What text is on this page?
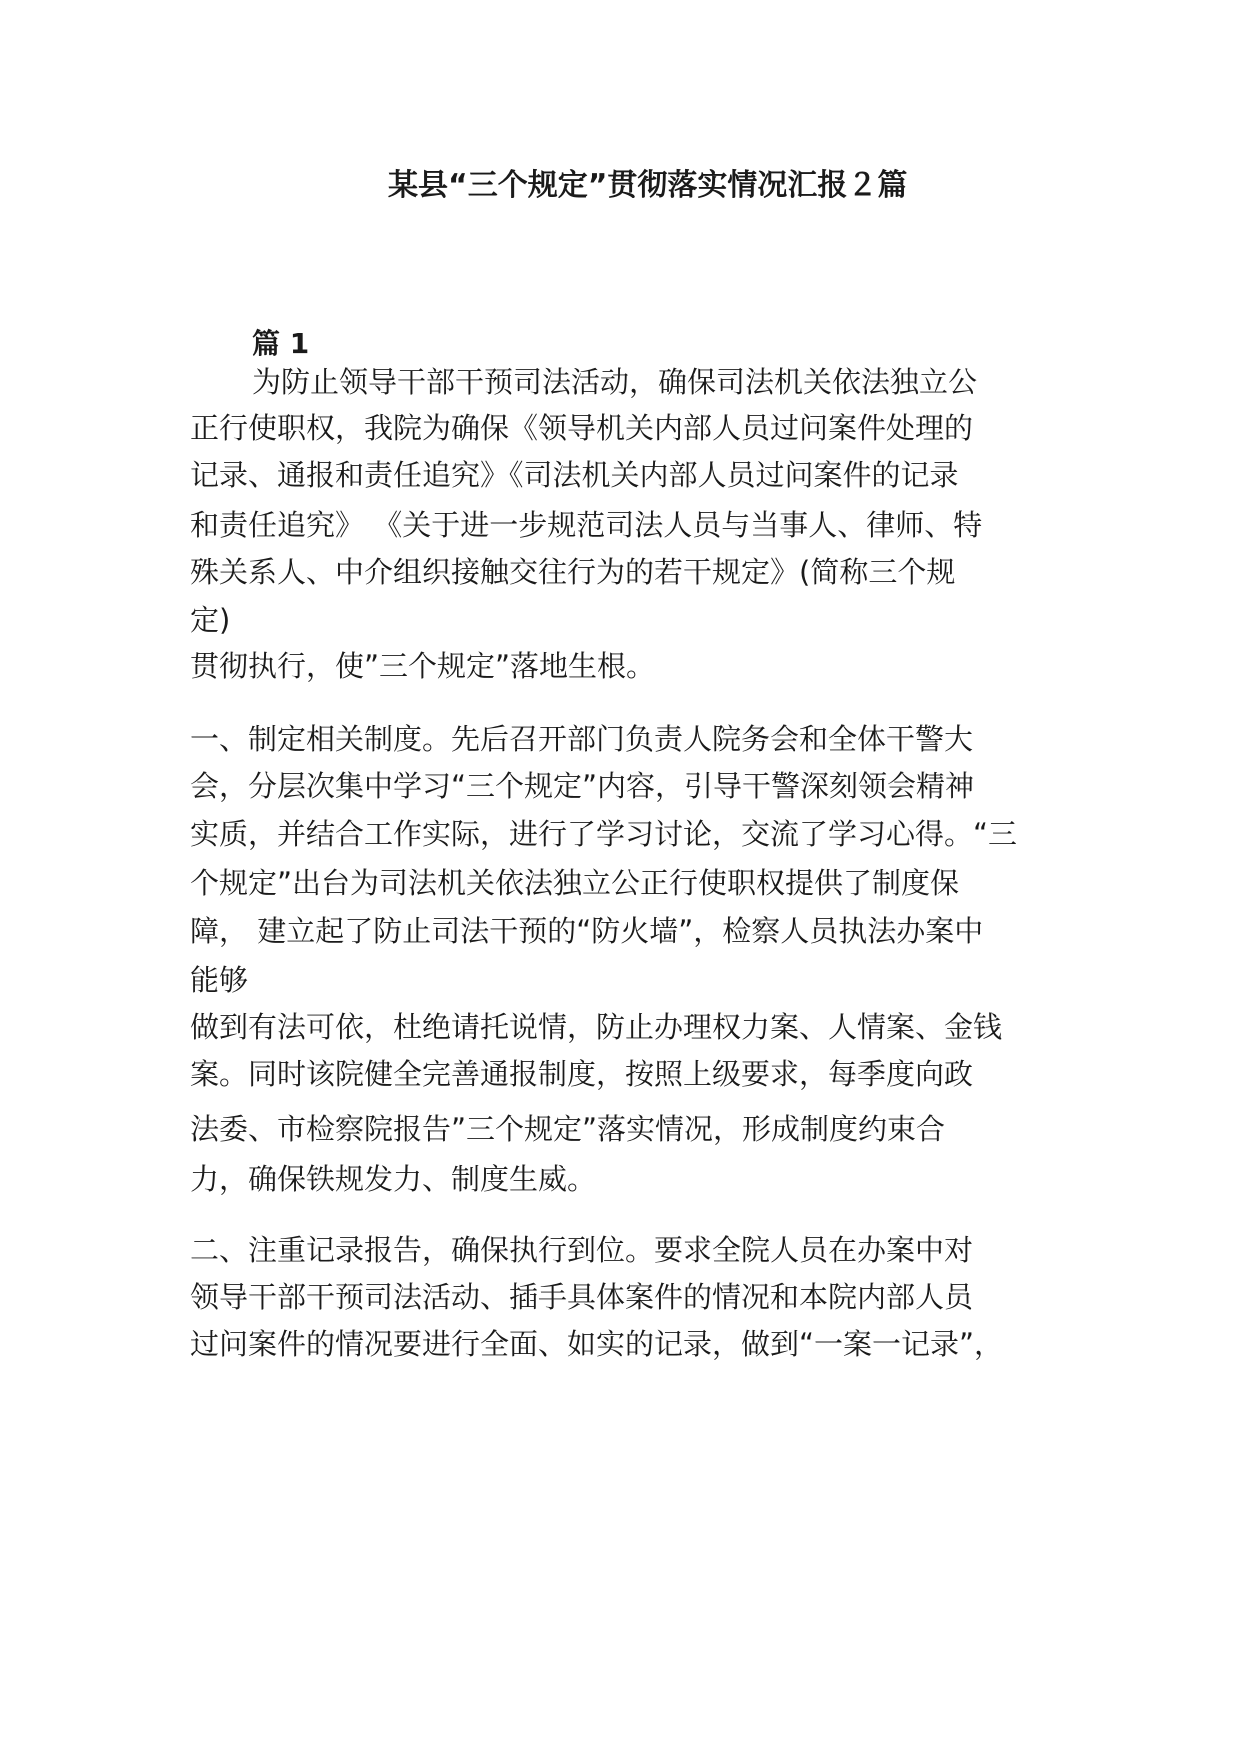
某县“三个规定”贯彻落实情况汇报２篇
篇 1
为防止领导干部干预司法活动，确保司法机关依法独立公
正行使职权，我院为确保《领导机关内部人员过问案件处理的
记录、通报和责任追究》《司法机关内部人员过问案件的记录
和责任追究》 《关于进一步规范司法人员与当事人、律师、特
殊关系人、中介组织接触交往行为的若干规定》(简称三个规
定)
贯彻执行，使”三个规定”落地生根。
一、制定相关制度。先后召开部门负责人院务会和全体干警大
会，分层次集中学习“三个规定”内容，引导干警深刻领会精神
实质，并结合工作实际，进行了学习讨论，交流了学习心得。“三
个规定”出台为司法机关依法独立公正行使职权提供了制度保
障， 建立起了防止司法干预的“防火墙”，检察人员执法办案中
能够
做到有法可依，杜绝请托说情，防止办理权力案、人情案、金钱
案。同时该院健全完善通报制度，按照上级要求，每季度向政
法委、市检察院报告”三个规定”落实情况，形成制度约束合
力，确保铁规发力、制度生威。
二、注重记录报告，确保执行到位。要求全院人员在办案中对
领导干部干预司法活动、插手具体案件的情况和本院内部人员
过问案件的情况要进行全面、如实的记录，做到“一案一记录”，
